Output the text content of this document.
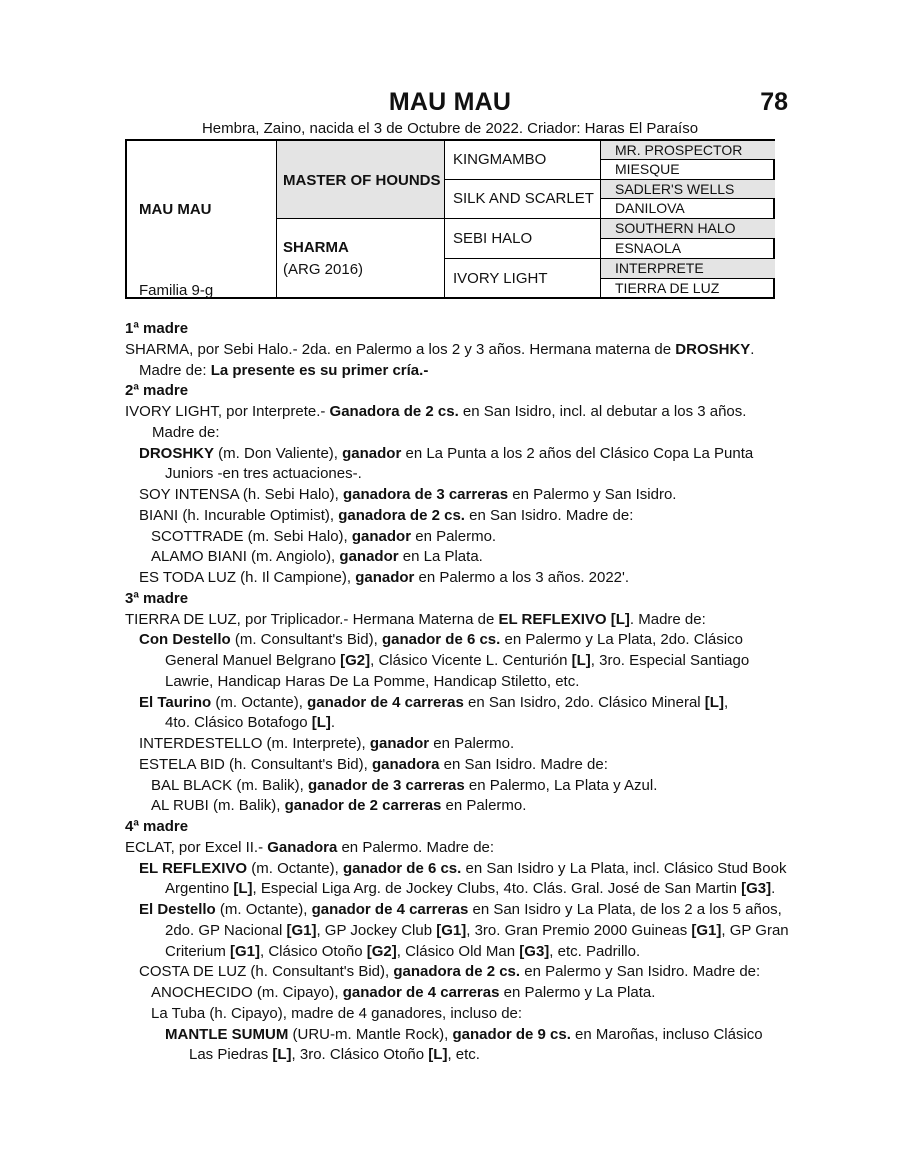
MAU MAU	78
Hembra, Zaino, nacida el 3 de Octubre de 2022. Criador: Haras El Paraíso
MAU MAU
Familia 9-g
MASTER OF HOUNDS
SHARMA
(ARG 2016)
KINGMAMBO
SILK AND SCARLET
SEBI HALO
IVORY LIGHT
MR. PROSPECTOR
MIESQUE
SADLER'S WELLS
DANILOVA
SOUTHERN HALO
ESNAOLA
INTERPRETE
TIERRA DE LUZ
1ª madre
SHARMA, por Sebi Halo.- 2da. en Palermo a los 2 y 3 años. Hermana materna de DROSHKY.
Madre de: La presente es su primer cría.-
2ª madre
IVORY LIGHT, por Interprete.- Ganadora de 2 cs. en San Isidro, incl. al debutar a los 3 años.
Madre de:
DROSHKY (m. Don Valiente), ganador en La Punta a los 2 años del Clásico Copa La Punta
Juniors -en tres actuaciones-.
SOY INTENSA (h. Sebi Halo), ganadora de 3 carreras en Palermo y San Isidro.
BIANI (h. Incurable Optimist), ganadora de 2 cs. en San Isidro. Madre de:
SCOTTRADE (m. Sebi Halo), ganador en Palermo.
ALAMO BIANI (m. Angiolo), ganador en La Plata.
ES TODA LUZ (h. Il Campione), ganador en Palermo a los 3 años. 2022'.
3ª madre
TIERRA DE LUZ, por Triplicador.- Hermana Materna de EL REFLEXIVO [L]. Madre de:
Con Destello (m. Consultant's Bid), ganador de 6 cs. en Palermo y La Plata, 2do. Clásico
General Manuel Belgrano [G2], Clásico Vicente L. Centurión [L], 3ro. Especial Santiago
Lawrie, Handicap Haras De La Pomme, Handicap Stiletto, etc.
El Taurino (m. Octante), ganador de 4 carreras en San Isidro, 2do. Clásico Mineral [L],
4to. Clásico Botafogo [L].
INTERDESTELLO (m. Interprete), ganador en Palermo.
ESTELA BID (h. Consultant's Bid), ganadora en San Isidro. Madre de:
BAL BLACK (m. Balik), ganador de 3 carreras en Palermo, La Plata y Azul.
AL RUBI (m. Balik), ganador de 2 carreras en Palermo.
4ª madre
ECLAT, por Excel II.- Ganadora en Palermo. Madre de:
EL REFLEXIVO (m. Octante), ganador de 6 cs. en San Isidro y La Plata, incl. Clásico Stud Book
Argentino [L], Especial Liga Arg. de Jockey Clubs, 4to. Clás. Gral. José de San Martin [G3].
El Destello (m. Octante), ganador de 4 carreras en San Isidro y La Plata, de los 2 a los 5 años,
2do. GP Nacional [G1], GP Jockey Club [G1], 3ro. Gran Premio 2000 Guineas [G1], GP Gran
Criterium [G1], Clásico Otoño [G2], Clásico Old Man [G3], etc. Padrillo.
COSTA DE LUZ (h. Consultant's Bid), ganadora de 2 cs. en Palermo y San Isidro. Madre de:
ANOCHECIDO (m. Cipayo), ganador de 4 carreras en Palermo y La Plata.
La Tuba (h. Cipayo), madre de 4 ganadores, incluso de:
MANTLE SUMUM (URU-m. Mantle Rock), ganador de 9 cs. en Maroñas, incluso Clásico
Las Piedras [L], 3ro. Clásico Otoño [L], etc.
